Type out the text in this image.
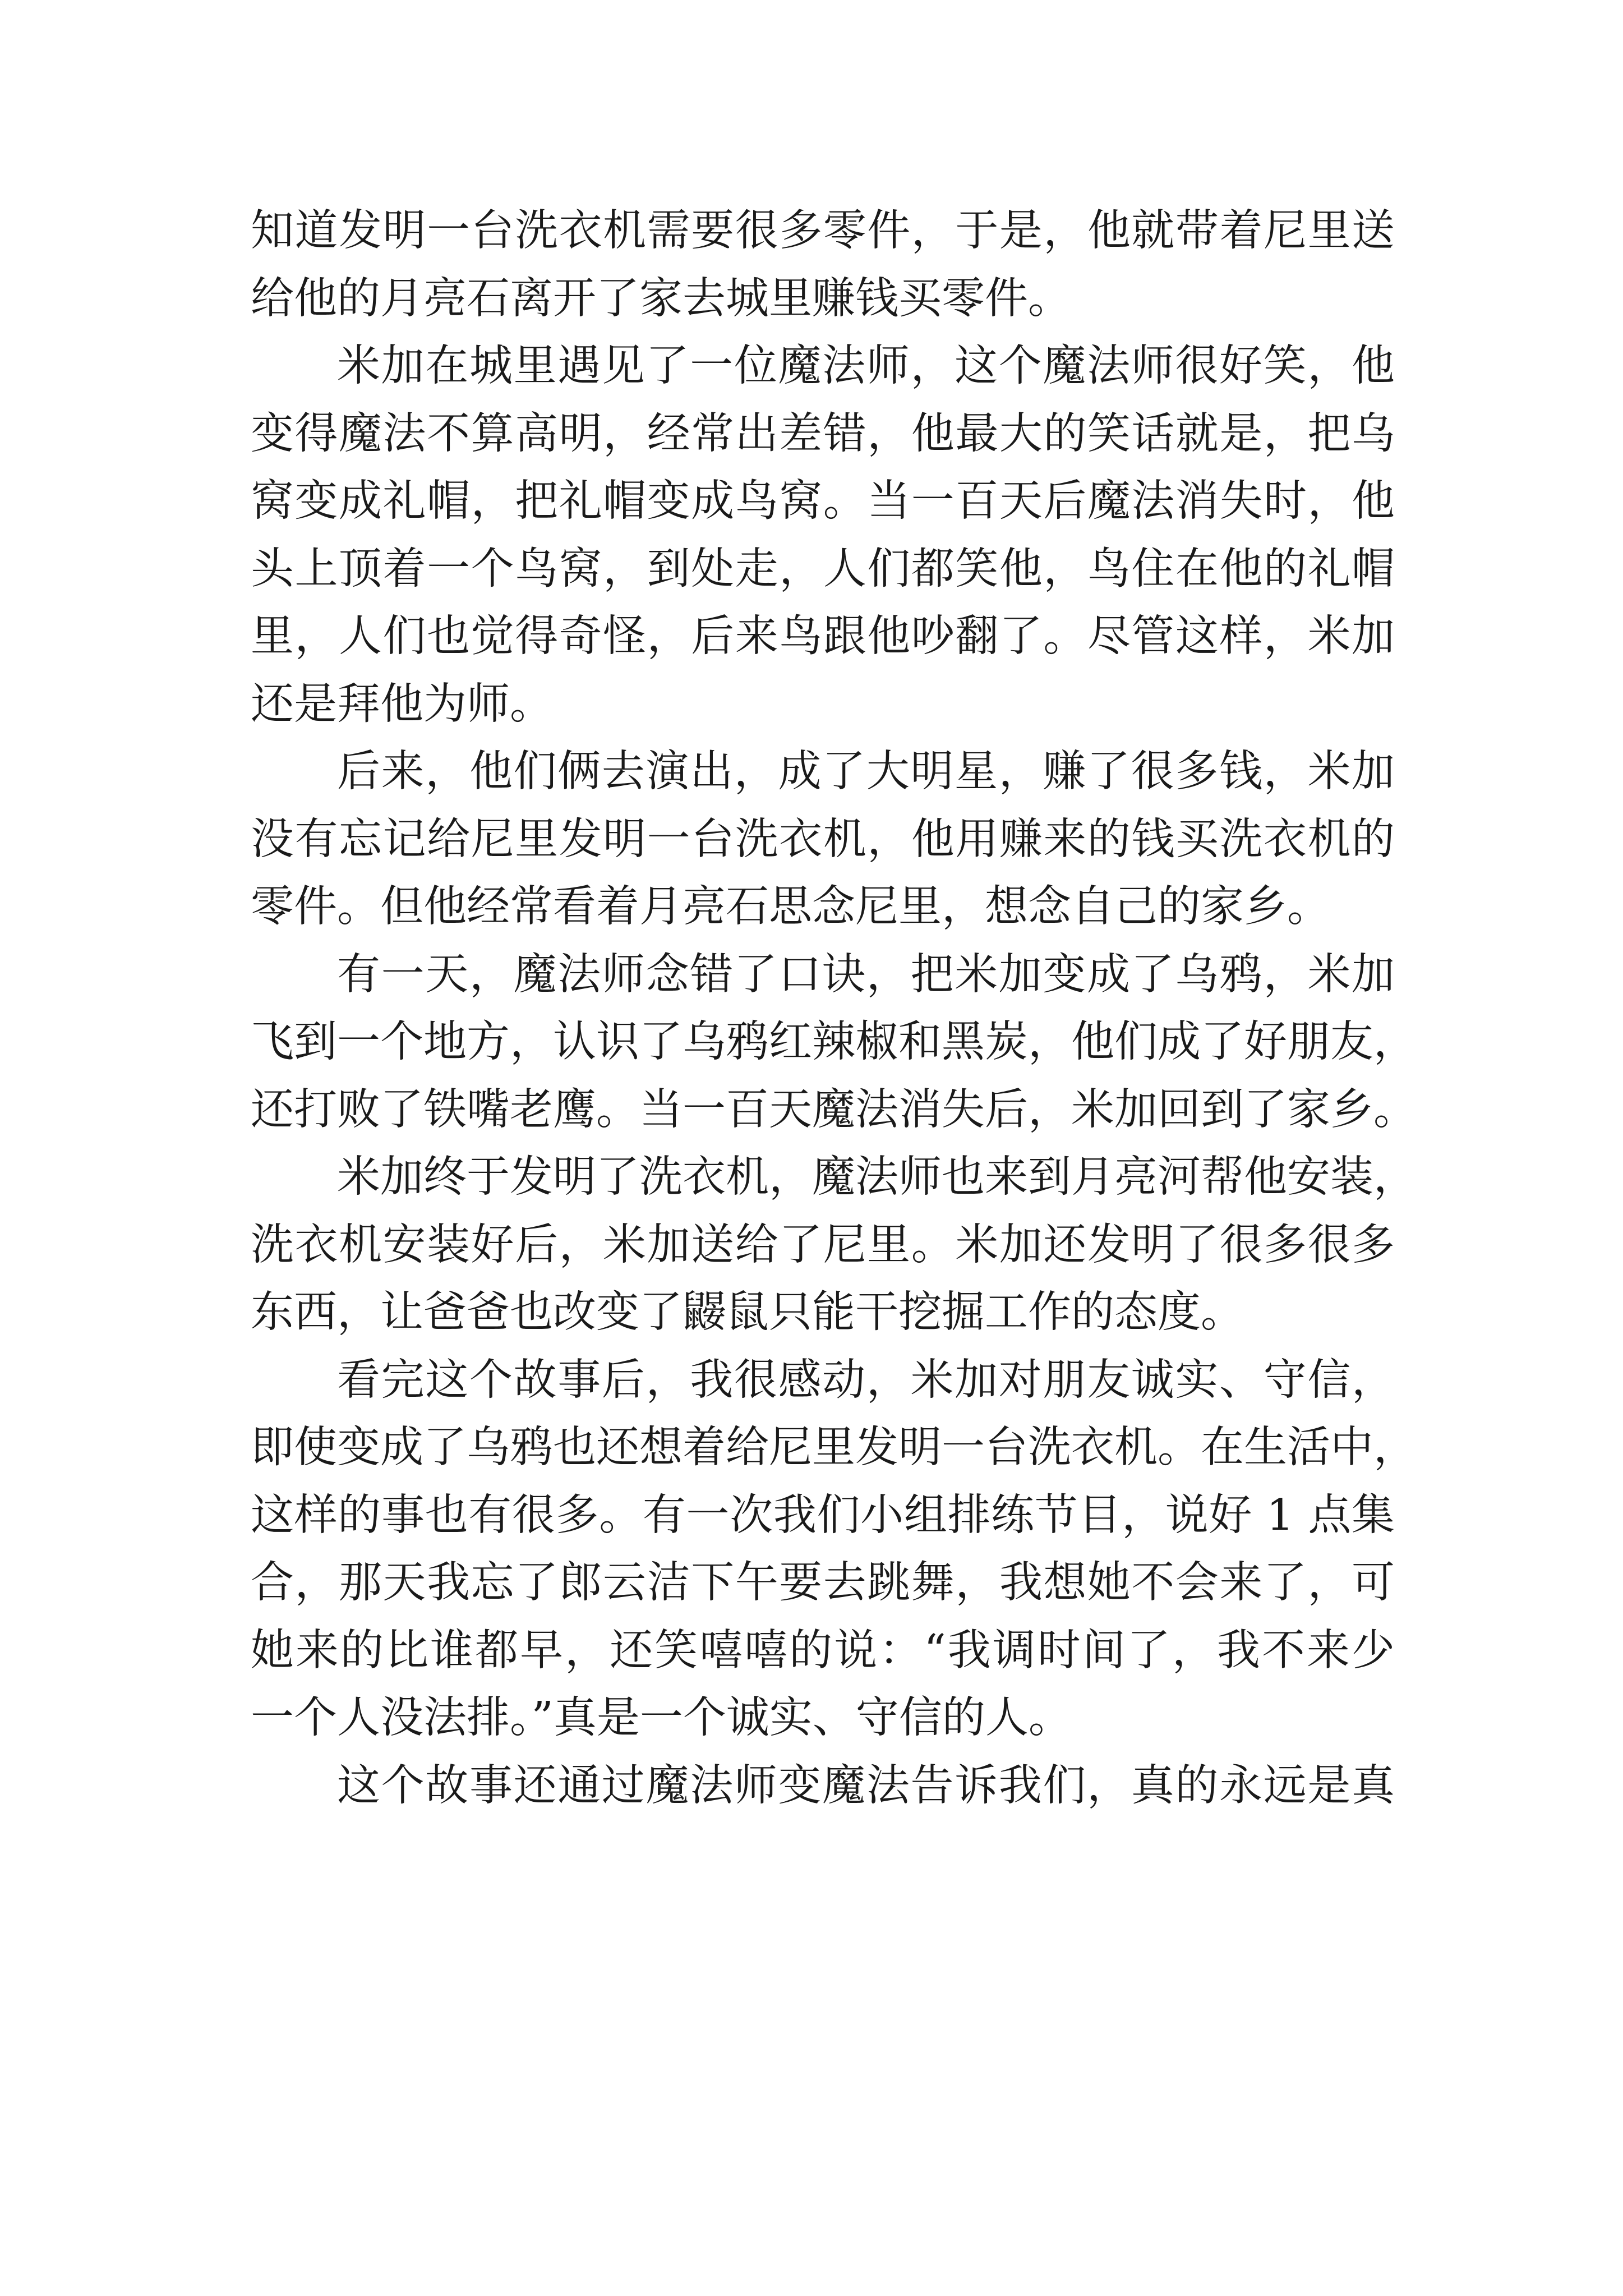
知道发明一台洗衣机需要很多零件，于是，他就带着尼里送
给他的月亮石离开了家去城里赚钱买零件。
米加在城里遇见了一位魔法师，这个魔法师很好笑，他
变得魔法不算高明，经常出差错，他最大的笑话就是，把乌
窝变成礼帽，把礼帽变成鸟窝。当一百天后魔法消失时，他
头上顶着一个鸟窝，到处走，人们都笑他，鸟住在他的礼帽
里，人们也觉得奇怪，后来鸟跟他吵翻了。尽管这样，米加
还是拜他为师。
后来，他们俩去演出，成了大明星，赚了很多钱，米加
没有忘记给尼里发明一台洗衣机，他用赚来的钱买洗衣机的
零件。但他经常看着月亮石思念尼里，想念自己的家乡。
有一天，魔法师念错了口诀，把米加变成了乌鸦，米加
飞到一个地方，认识了乌鸦红辣椒和黑炭，他们成了好朋友，
还打败了铁嘴老鹰。当一百天魔法消失后，米加回到了家乡。
米加终于发明了洗衣机，魔法师也来到月亮河帮他安装，
洗衣机安装好后，米加送给了尼里。米加还发明了很多很多
东西，让爸爸也改变了鼹鼠只能干挖掘工作的态度。
看完这个故事后，我很感动，米加对朋友诚实、守信，
即使变成了乌鸦也还想着给尼里发明一台洗衣机。在生活中，
这样的事也有很多。有一次我们小组排练节目，说好 1 点集
合，那天我忘了郎云洁下午要去跳舞，我想她不会来了，可
她来的比谁都早，还笑嘻嘻的说：“我调时间了，我不来少
一个人没法排。”真是一个诚实、守信的人。
这个故事还通过魔法师变魔法告诉我们，真的永远是真
